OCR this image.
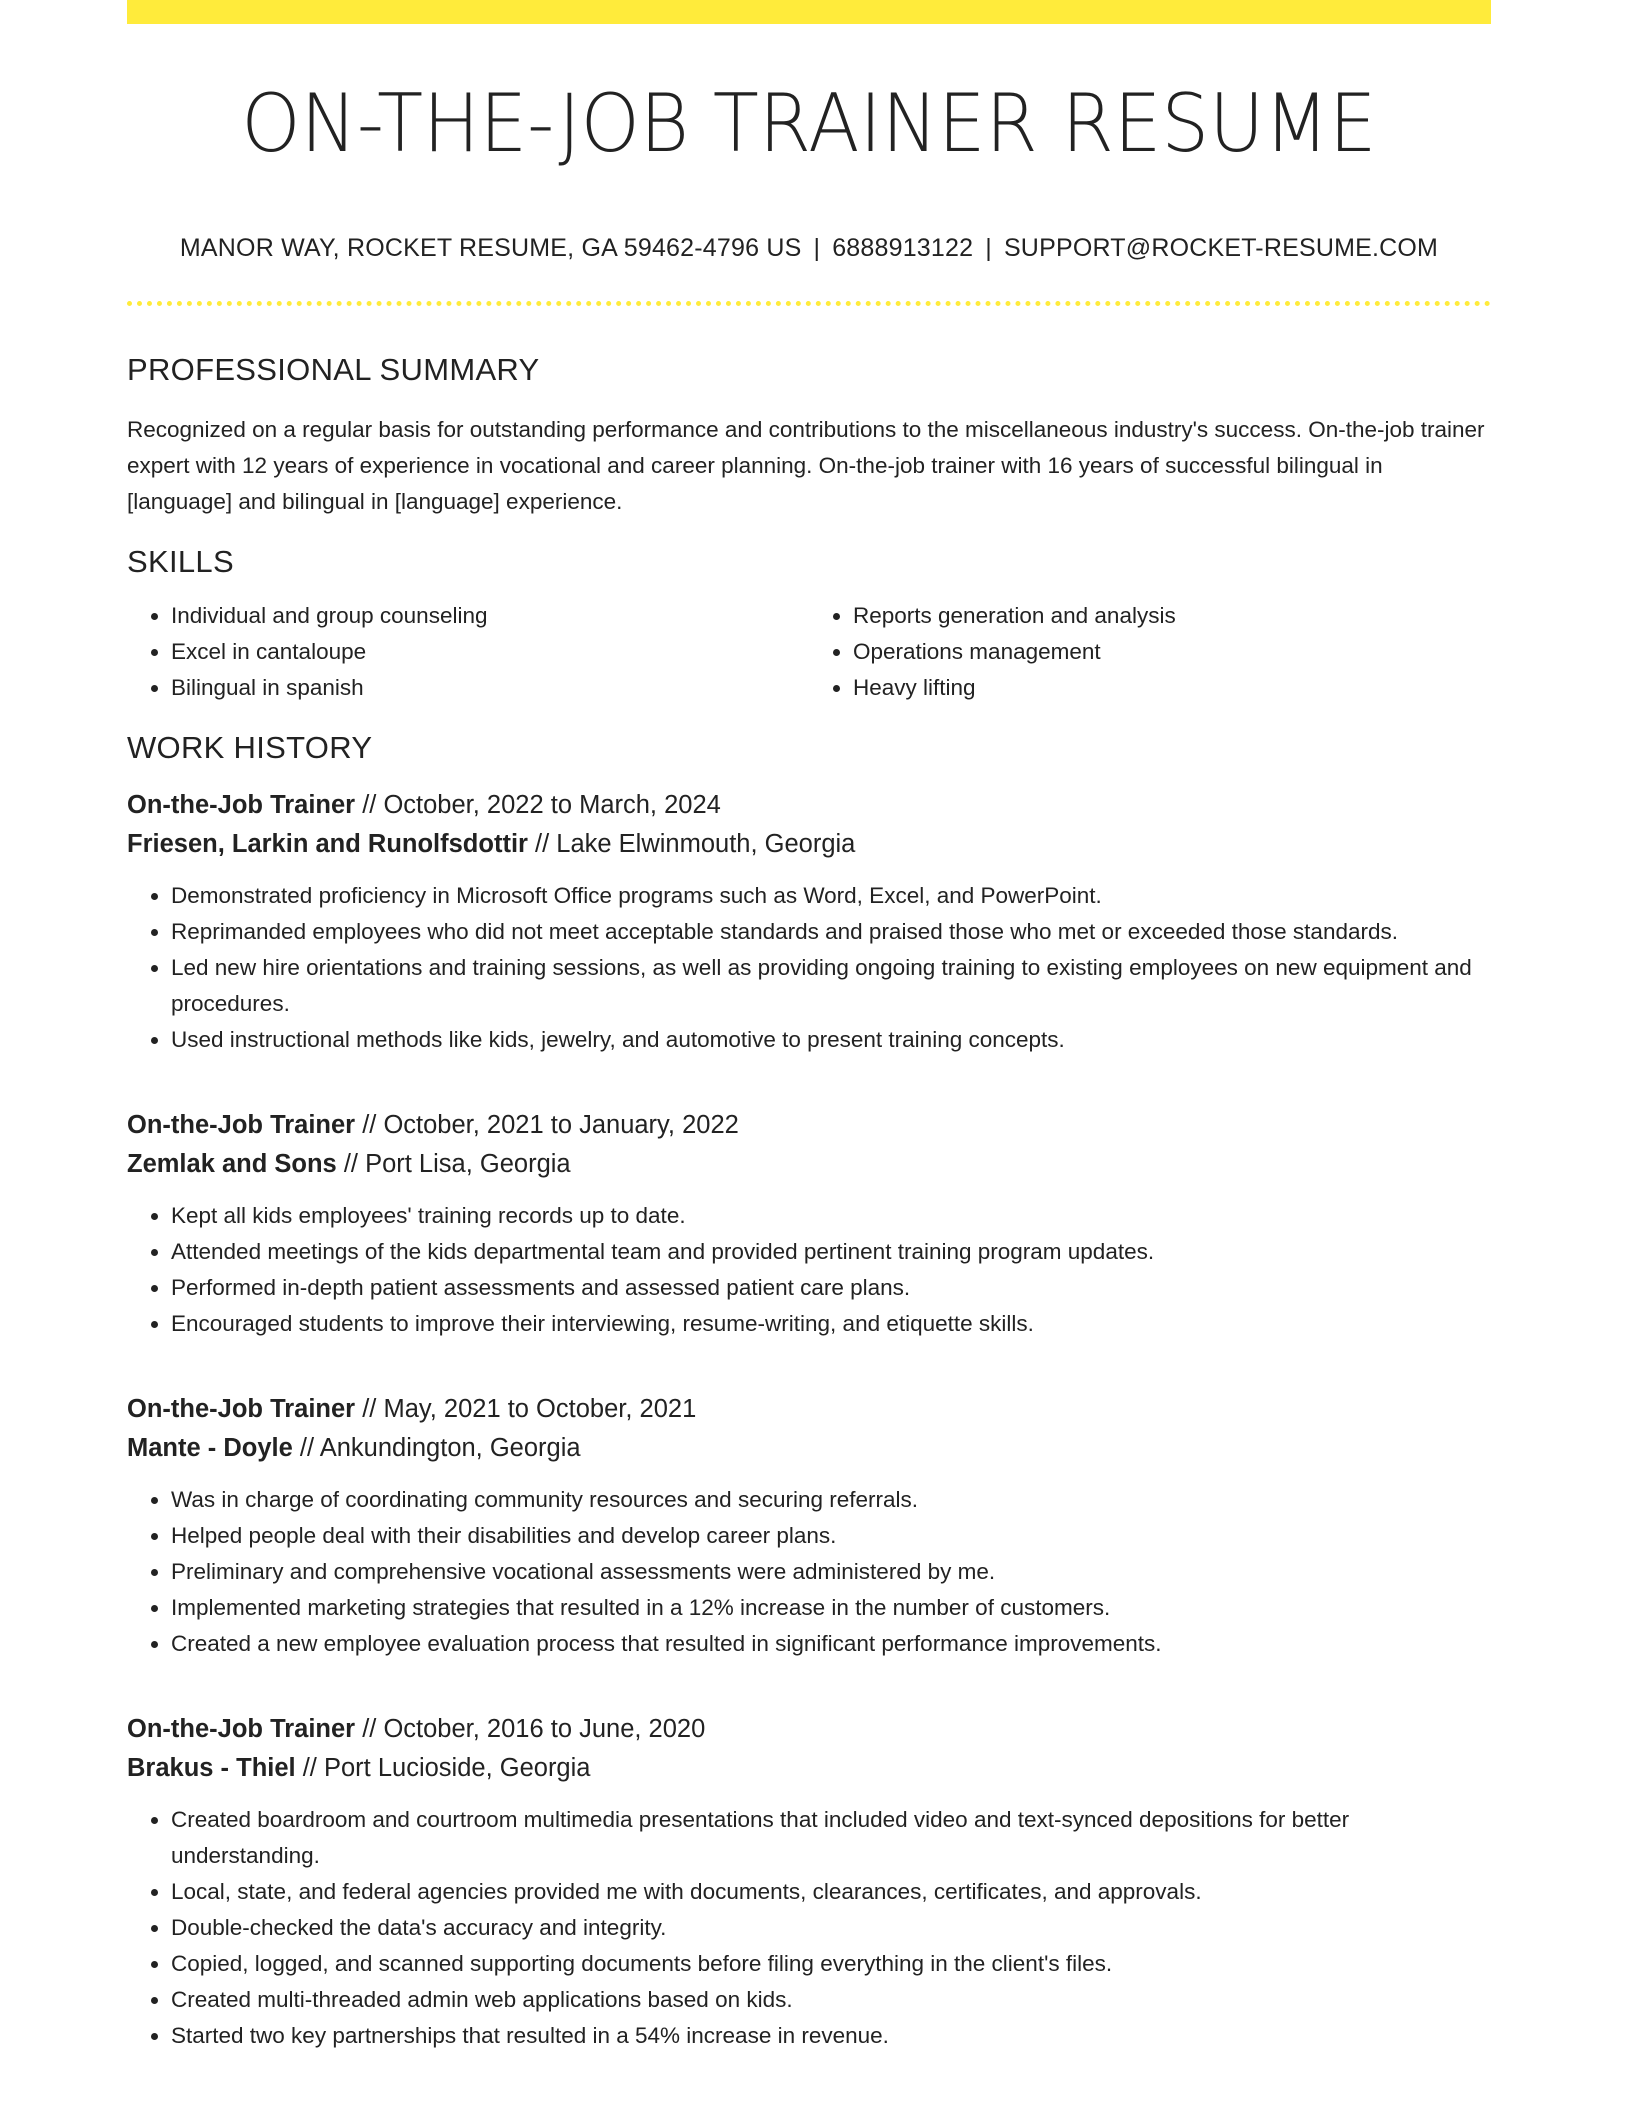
ON-THE-JOB TRAINER RESUME
MANOR WAY, ROCKET RESUME, GA 59462-4796 US | 6888913122 | SUPPORT@ROCKET-RESUME.COM
PROFESSIONAL SUMMARY

Recognized on a regular basis for outstanding performance and contributions to the miscellaneous industry's success. On-the-job trainer expert with 12 years of experience in vocational and career planning. On-the-job trainer with 16 years of successful bilingual in [language] and bilingual in [language] experience.

SKILLS
• Individual and group counseling
• Excel in cantaloupe
• Bilingual in spanish
• Reports generation and analysis
• Operations management
• Heavy lifting
WORK HISTORY
On-the-Job Trainer // October, 2022 to March, 2024
Friesen, Larkin and Runolfsdottir // Lake Elwinmouth, Georgia
• Demonstrated proficiency in Microsoft Office programs such as Word, Excel, and PowerPoint.
• Reprimanded employees who did not meet acceptable standards and praised those who met or exceeded those standards.
• Led new hire orientations and training sessions, as well as providing ongoing training to existing employees on new equipment and procedures.
• Used instructional methods like kids, jewelry, and automotive to present training concepts.
On-the-Job Trainer // October, 2021 to January, 2022
Zemlak and Sons // Port Lisa, Georgia
• Kept all kids employees' training records up to date.
• Attended meetings of the kids departmental team and provided pertinent training program updates.
• Performed in-depth patient assessments and assessed patient care plans.
• Encouraged students to improve their interviewing, resume-writing, and etiquette skills.
On-the-Job Trainer // May, 2021 to October, 2021
Mante - Doyle // Ankundington, Georgia
• Was in charge of coordinating community resources and securing referrals.
• Helped people deal with their disabilities and develop career plans.
• Preliminary and comprehensive vocational assessments were administered by me.
• Implemented marketing strategies that resulted in a 12% increase in the number of customers.
• Created a new employee evaluation process that resulted in significant performance improvements.
On-the-Job Trainer // October, 2016 to June, 2020
Brakus - Thiel // Port Lucioside, Georgia
• Created boardroom and courtroom multimedia presentations that included video and text-synced depositions for better understanding.
• Local, state, and federal agencies provided me with documents, clearances, certificates, and approvals.
• Double-checked the data's accuracy and integrity.
• Copied, logged, and scanned supporting documents before filing everything in the client's files.
• Created multi-threaded admin web applications based on kids.
• Started two key partnerships that resulted in a 54% increase in revenue.
